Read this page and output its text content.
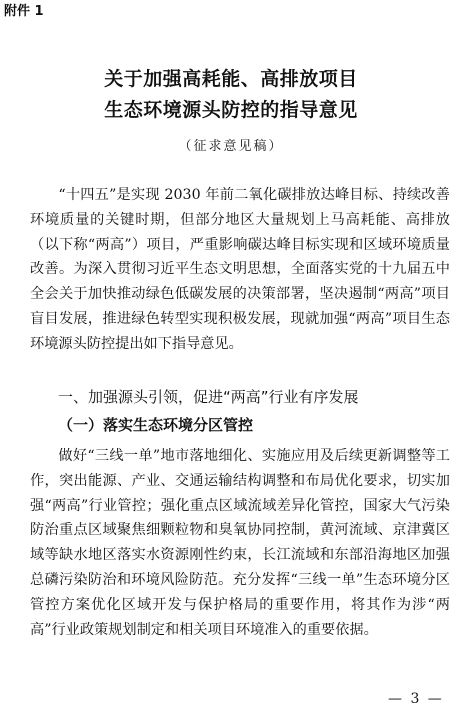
附件 1
关于加强高耗能、高排放项目
生态环境源头防控的指导意见
（征求意见稿）

“十四五”是实现 2030 年前二氧化碳排放达峰目标、持续改善环境质量的关键时期，但部分地区大量规划上马高耗能、高排放（以下称“两高”）项目，严重影响碳达峰目标实现和区域环境质量改善。为深入贯彻习近平生态文明思想，全面落实党的十九届五中全会关于加快推动绿色低碳发展的决策部署，坚决遏制“两高”项目盲目发展，推进绿色转型实现积极发展，现就加强“两高”项目生态环境源头防控提出如下指导意见。

一、加强源头引领，促进“两高”行业有序发展
（一）落实生态环境分区管控

做好“三线一单”地市落地细化、实施应用及后续更新调整等工作，突出能源、产业、交通运输结构调整和布局优化要求，切实加强“两高”行业管控；强化重点区域流域差异化管控，国家大气污染防治重点区域聚焦细颗粒物和臭氧协同控制，黄河流域、京津冀区域等缺水地区落实水资源刚性约束，长江流域和东部沿海地区加强总磷污染防治和环境风险防范。充分发挥“三线一单”生态环境分区管控方案优化区域开发与保护格局的重要作用，将其作为涉“两高”行业政策规划制定和相关项目环境准入的重要依据。

— 3 —
